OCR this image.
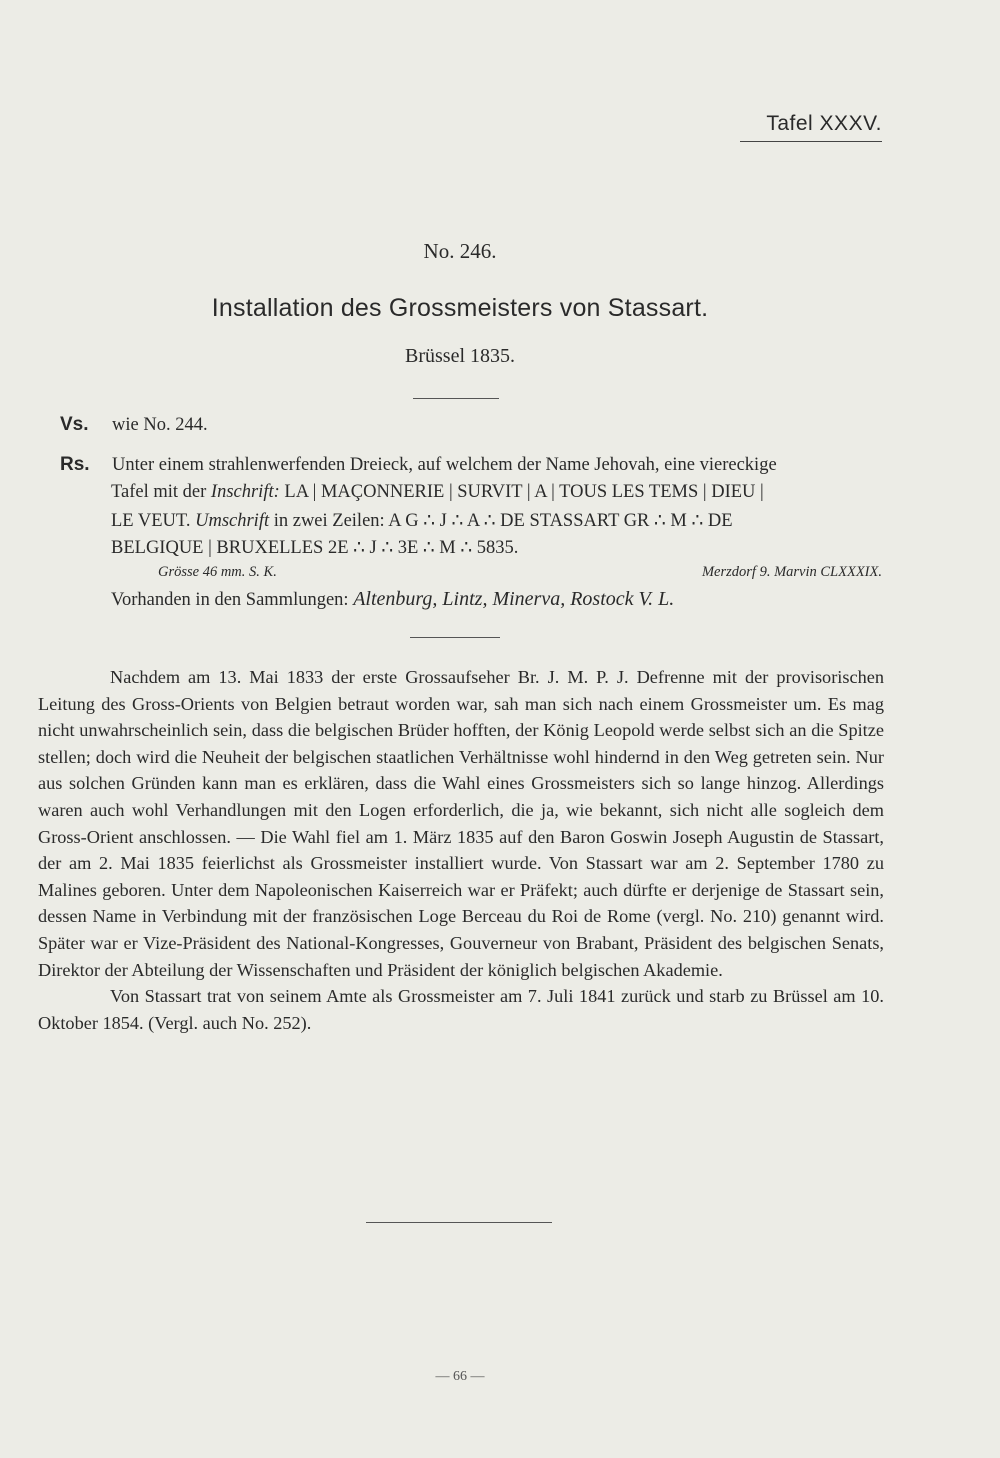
Tafel XXXV.
No. 246.
Installation des Grossmeisters von Stassart.
Brüssel 1835.
Vs. wie No. 244.
Rs. Unter einem strahlenwerfenden Dreieck, auf welchem der Name Jehovah, eine viereckige
Tafel mit der Inschrift: LA | MAÇONNERIE | SURVIT | A | TOUS LES TEMS | DIEU |
LE VEUT. Umschrift in zwei Zeilen: A G ∴ J ∴ A ∴ DE STASSART GR ∴ M ∴ DE
BELGIQUE | BRUXELLES 2E ∴ J ∴ 3E ∴ M ∴ 5835.
Grösse 46 mm. S. K.	Merzdorf 9. Marvin CLXXXIX.
Vorhanden in den Sammlungen: Altenburg, Lintz, Minerva, Rostock V. L.

Nachdem am 13. Mai 1833 der erste Grossaufseher Br. J. M. P. J. Defrenne mit der provisorischen Leitung des Gross-Orients von Belgien betraut worden war, sah man sich nach einem Grossmeister um. Es mag nicht unwahrscheinlich sein, dass die belgischen Brüder hofften, der König Leopold werde selbst sich an die Spitze stellen; doch wird die Neuheit der belgischen staatlichen Verhältnisse wohl hindernd in den Weg getreten sein. Nur aus solchen Gründen kann man es erklären, dass die Wahl eines Grossmeisters sich so lange hinzog. Allerdings waren auch wohl Verhandlungen mit den Logen erforderlich, die ja, wie bekannt, sich nicht alle sogleich dem Gross-Orient anschlossen. — Die Wahl fiel am 1. März 1835 auf den Baron Goswin Joseph Augustin de Stassart, der am 2. Mai 1835 feierlichst als Grossmeister installiert wurde. Von Stassart war am 2. September 1780 zu Malines geboren. Unter dem Napoleonischen Kaiserreich war er Präfekt; auch dürfte er derjenige de Stassart sein, dessen Name in Verbindung mit der französischen Loge Berceau du Roi de Rome (vergl. No. 210) genannt wird. Später war er Vize-Präsident des National-Kongresses, Gouverneur von Brabant, Präsident des belgischen Senats, Direktor der Abteilung der Wissenschaften und Präsident der königlich belgischen Akademie.

Von Stassart trat von seinem Amte als Grossmeister am 7. Juli 1841 zurück und starb zu Brüssel am 10. Oktober 1854. (Vergl. auch No. 252).

— 66 —
